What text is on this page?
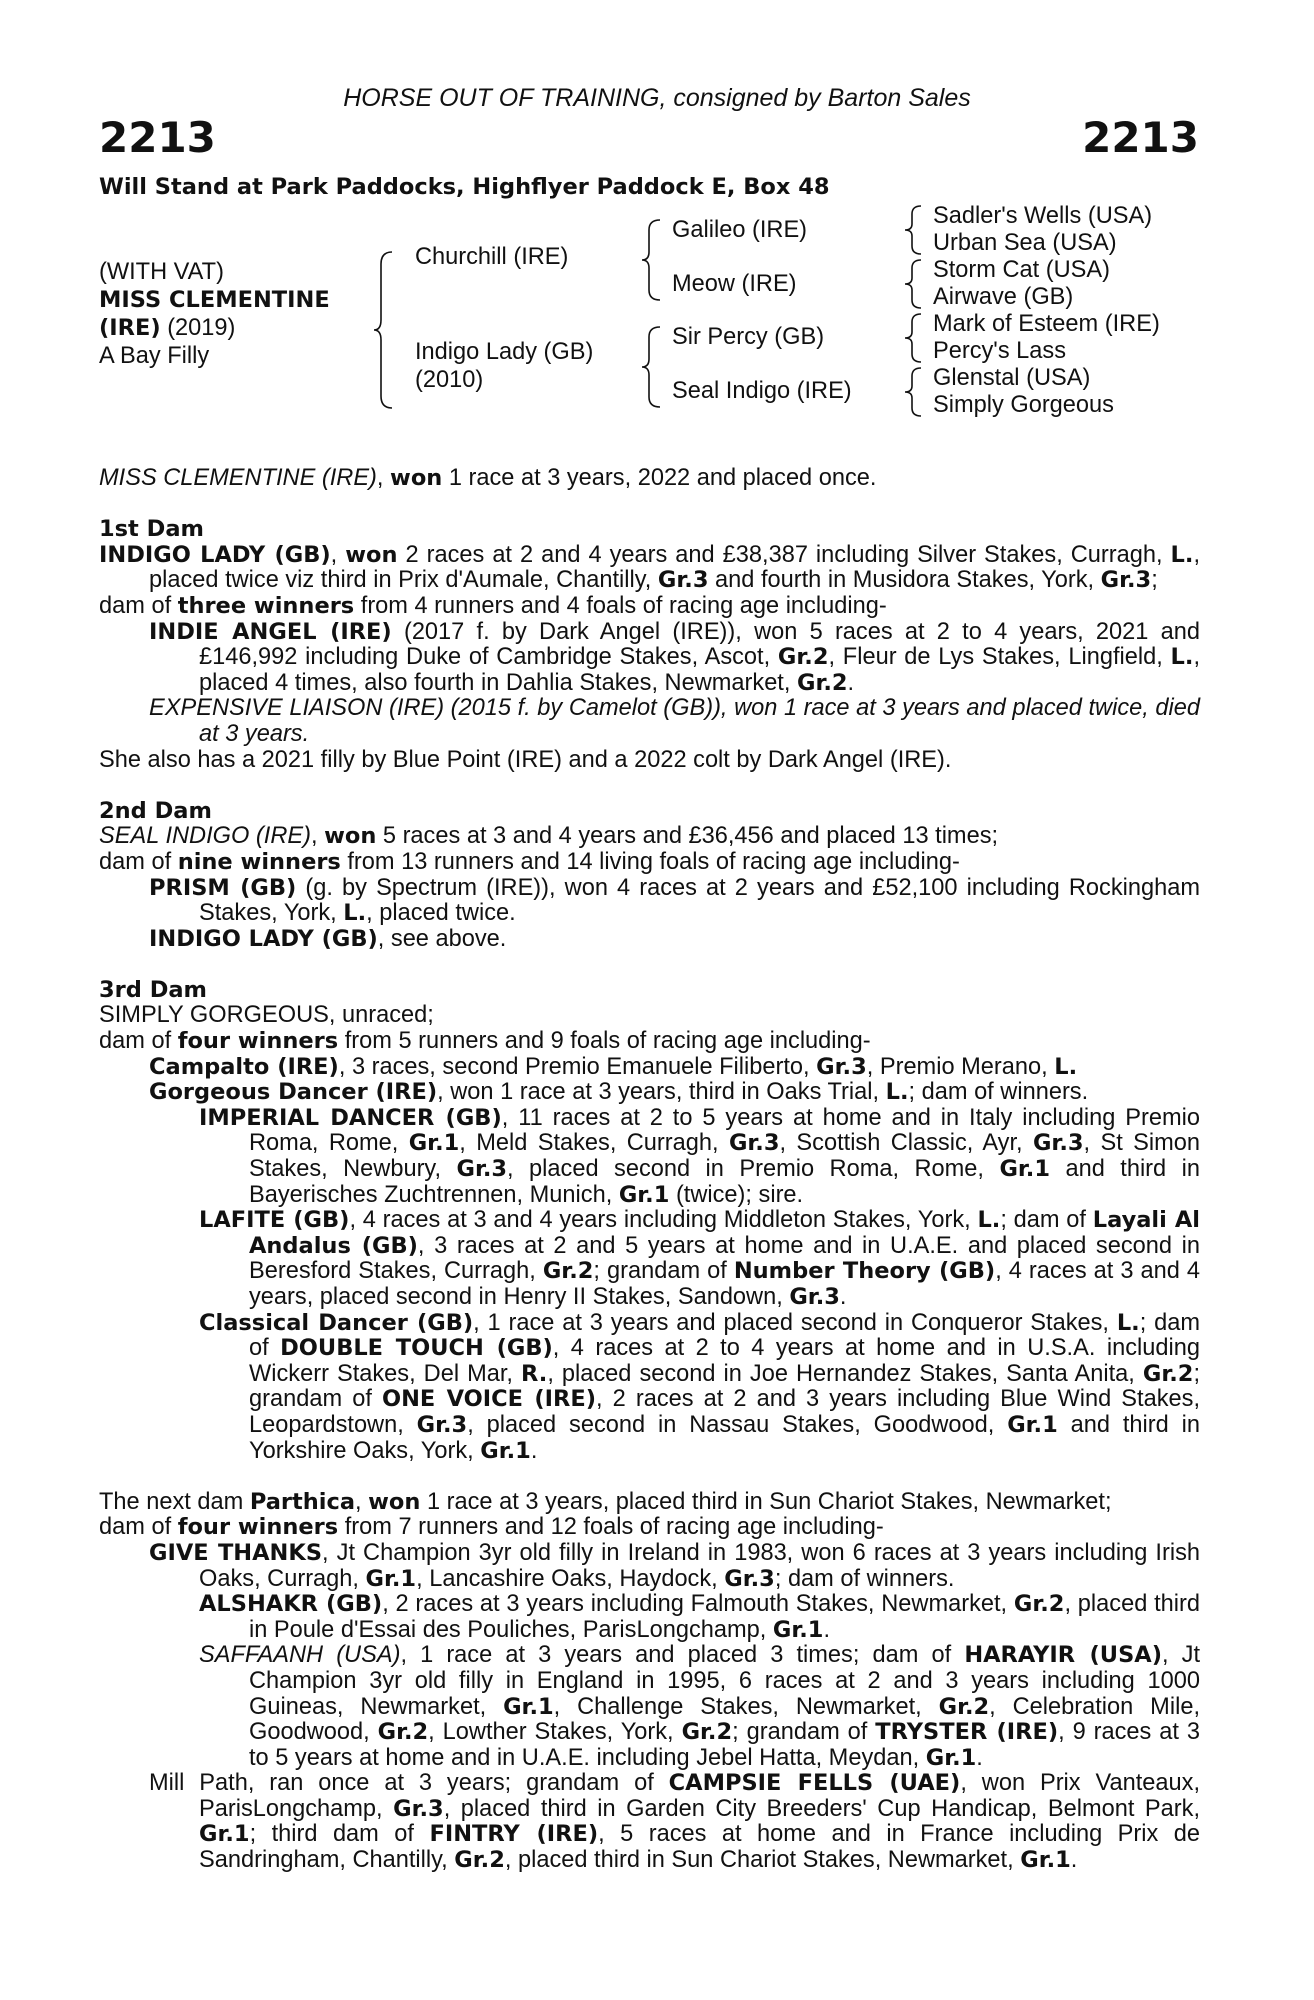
HORSE OUT OF TRAINING, consigned by Barton Sales
2213	2213
Will Stand at Park Paddocks, Highflyer Paddock E, Box 48
(WITH VAT)
MISS CLEMENTINE
(IRE) (2019)
A Bay Filly
Churchill (IRE)
Indigo Lady (GB)
(2010)
Galileo (IRE)
Meow (IRE)
Sir Percy (GB)
Seal Indigo (IRE)
Sadler's Wells (USA)
Urban Sea (USA)
Storm Cat (USA)
Airwave (GB)
Mark of Esteem (IRE)
Percy's Lass
Glenstal (USA)
Simply Gorgeous
MISS CLEMENTINE (IRE), won 1 race at 3 years, 2022 and placed once.
1st Dam
INDIGO LADY (GB), won 2 races at 2 and 4 years and £38,387 including Silver Stakes, Curragh, L., placed twice viz third in Prix d'Aumale, Chantilly, Gr.3 and fourth in Musidora Stakes, York, Gr.3;
dam of three winners from 4 runners and 4 foals of racing age including-
INDIE ANGEL (IRE) (2017 f. by Dark Angel (IRE)), won 5 races at 2 to 4 years, 2021 and £146,992 including Duke of Cambridge Stakes, Ascot, Gr.2, Fleur de Lys Stakes, Lingfield, L., placed 4 times, also fourth in Dahlia Stakes, Newmarket, Gr.2.
EXPENSIVE LIAISON (IRE) (2015 f. by Camelot (GB)), won 1 race at 3 years and placed twice, died at 3 years.
She also has a 2021 filly by Blue Point (IRE) and a 2022 colt by Dark Angel (IRE).
2nd Dam
SEAL INDIGO (IRE), won 5 races at 3 and 4 years and £36,456 and placed 13 times;
dam of nine winners from 13 runners and 14 living foals of racing age including-
PRISM (GB) (g. by Spectrum (IRE)), won 4 races at 2 years and £52,100 including Rockingham Stakes, York, L., placed twice.
INDIGO LADY (GB), see above.
3rd Dam
SIMPLY GORGEOUS, unraced;
dam of four winners from 5 runners and 9 foals of racing age including-
Campalto (IRE), 3 races, second Premio Emanuele Filiberto, Gr.3, Premio Merano, L.
Gorgeous Dancer (IRE), won 1 race at 3 years, third in Oaks Trial, L.; dam of winners.
IMPERIAL DANCER (GB), 11 races at 2 to 5 years at home and in Italy including Premio Roma, Rome, Gr.1, Meld Stakes, Curragh, Gr.3, Scottish Classic, Ayr, Gr.3, St Simon Stakes, Newbury, Gr.3, placed second in Premio Roma, Rome, Gr.1 and third in Bayerisches Zuchtrennen, Munich, Gr.1 (twice); sire.
LAFITE (GB), 4 races at 3 and 4 years including Middleton Stakes, York, L.; dam of Layali Al Andalus (GB), 3 races at 2 and 5 years at home and in U.A.E. and placed second in Beresford Stakes, Curragh, Gr.2; grandam of Number Theory (GB), 4 races at 3 and 4 years, placed second in Henry II Stakes, Sandown, Gr.3.
Classical Dancer (GB), 1 race at 3 years and placed second in Conqueror Stakes, L.; dam of DOUBLE TOUCH (GB), 4 races at 2 to 4 years at home and in U.S.A. including Wickerr Stakes, Del Mar, R., placed second in Joe Hernandez Stakes, Santa Anita, Gr.2; grandam of ONE VOICE (IRE), 2 races at 2 and 3 years including Blue Wind Stakes, Leopardstown, Gr.3, placed second in Nassau Stakes, Goodwood, Gr.1 and third in Yorkshire Oaks, York, Gr.1.
The next dam Parthica, won 1 race at 3 years, placed third in Sun Chariot Stakes, Newmarket;
dam of four winners from 7 runners and 12 foals of racing age including-
GIVE THANKS, Jt Champion 3yr old filly in Ireland in 1983, won 6 races at 3 years including Irish Oaks, Curragh, Gr.1, Lancashire Oaks, Haydock, Gr.3; dam of winners.
ALSHAKR (GB), 2 races at 3 years including Falmouth Stakes, Newmarket, Gr.2, placed third in Poule d'Essai des Pouliches, ParisLongchamp, Gr.1.
SAFFAANH (USA), 1 race at 3 years and placed 3 times; dam of HARAYIR (USA), Jt Champion 3yr old filly in England in 1995, 6 races at 2 and 3 years including 1000 Guineas, Newmarket, Gr.1, Challenge Stakes, Newmarket, Gr.2, Celebration Mile, Goodwood, Gr.2, Lowther Stakes, York, Gr.2; grandam of TRYSTER (IRE), 9 races at 3 to 5 years at home and in U.A.E. including Jebel Hatta, Meydan, Gr.1.
Mill Path, ran once at 3 years; grandam of CAMPSIE FELLS (UAE), won Prix Vanteaux, ParisLongchamp, Gr.3, placed third in Garden City Breeders' Cup Handicap, Belmont Park, Gr.1; third dam of FINTRY (IRE), 5 races at home and in France including Prix de Sandringham, Chantilly, Gr.2, placed third in Sun Chariot Stakes, Newmarket, Gr.1.
